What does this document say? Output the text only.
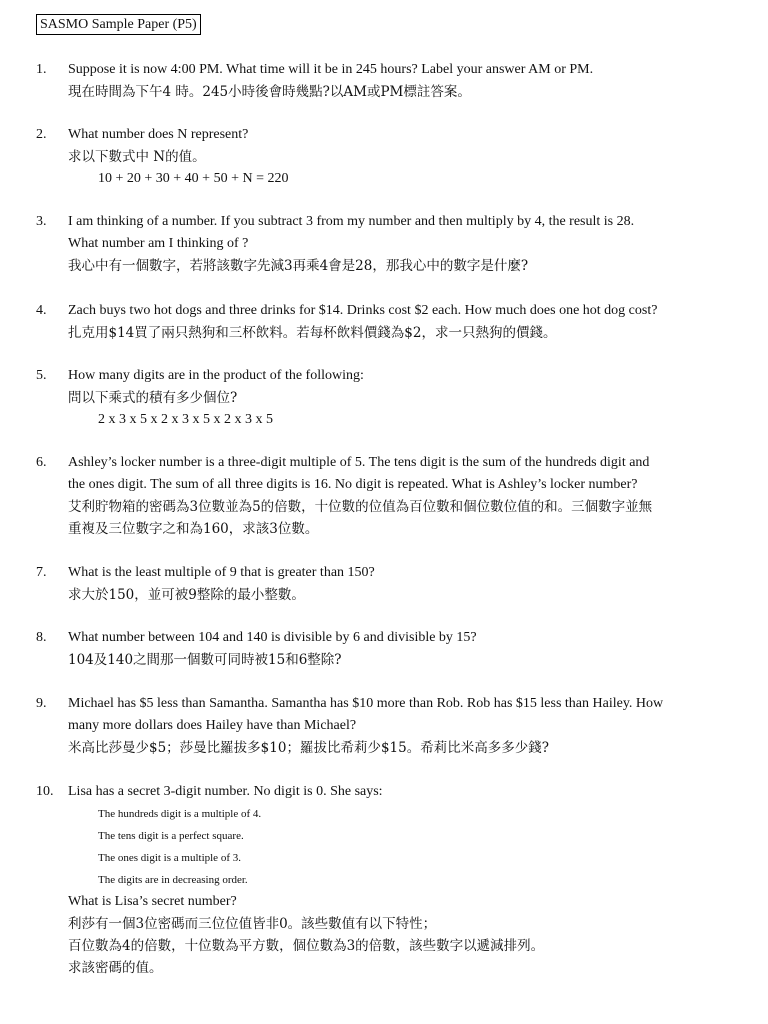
SASMO Sample Paper (P5)
1. Suppose it is now 4:00 PM. What time will it be in 245 hours? Label your answer AM or PM.
現在時間為下午4 時。245小時後會時幾點?以AM或PM標註答案。
2. What number does N represent?
求以下數式中 N的值。
10 + 20 + 30 + 40 + 50 + N = 220
3. I am thinking of a number. If you subtract 3 from my number and then multiply by 4, the result is 28.
What number am I thinking of ?
我心中有一個數字，若將該數字先減3再乘4會是28，那我心中的數字是什麼?
4. Zach buys two hot dogs and three drinks for $14. Drinks cost $2 each. How much does one hot dog cost?
扎克用$14買了兩只熱狗和三杯飲料。若每杯飲料價錢為$2，求一只熱狗的價錢。
5. How many digits are in the product of the following:
問以下乘式的積有多少個位?
2 x 3 x 5 x 2 x 3 x 5 x 2 x 3 x 5
6. Ashley’s locker number is a three-digit multiple of 5. The tens digit is the sum of the hundreds digit and
the ones digit. The sum of all three digits is 16. No digit is repeated. What is Ashley’s locker number?
艾利貯物箱的密碼為3位數並為5的倍數，十位數的位值為百位數和個位數位值的和。三個數字並無
重複及三位數字之和為160，求該3位數。
7. What is the least multiple of 9 that is greater than 150?
求大於150，並可被9整除的最小整數。
8. What number between 104 and 140 is divisible by 6 and divisible by 15?
104及140之間那一個數可同時被15和6整除?
9. Michael has $5 less than Samantha. Samantha has $10 more than Rob. Rob has $15 less than Hailey. How
many more dollars does Hailey have than Michael?
米高比莎曼少$5；莎曼比羅拔多$10；羅拔比希莉少$15。希莉比米高多多少錢?
10. Lisa has a secret 3-digit number. No digit is 0. She says:
The hundreds digit is a multiple of 4.
The tens digit is a perfect square.
The ones digit is a multiple of 3.
The digits are in decreasing order.
What is Lisa’s secret number?
利莎有一個3位密碼而三位位值皆非0。該些數值有以下特性；
百位數為4的倍數，十位數為平方數，個位數為3的倍數，該些數字以遞減排列。
求該密碼的值。
